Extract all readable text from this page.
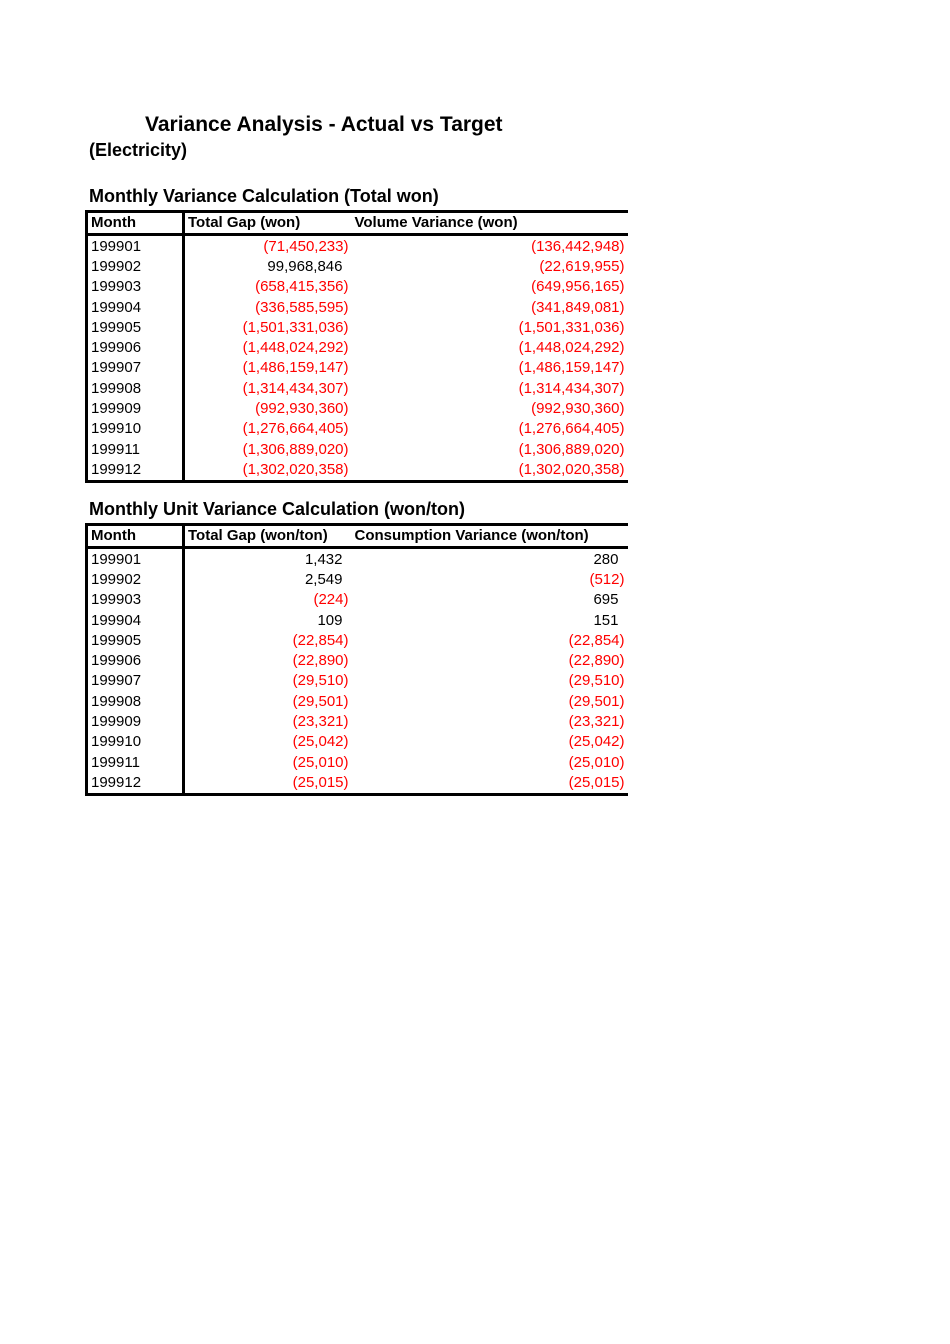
Variance Analysis - Actual vs Target
(Electricity)
Monthly Variance Calculation (Total won)
Month	Total Gap (won)	Volume Variance (won)
199901	(71,450,233)	(136,442,948)
199902	99,968,846	(22,619,955)
199903	(658,415,356)	(649,956,165)
199904	(336,585,595)	(341,849,081)
199905	(1,501,331,036)	(1,501,331,036)
199906	(1,448,024,292)	(1,448,024,292)
199907	(1,486,159,147)	(1,486,159,147)
199908	(1,314,434,307)	(1,314,434,307)
199909	(992,930,360)	(992,930,360)
199910	(1,276,664,405)	(1,276,664,405)
199911	(1,306,889,020)	(1,306,889,020)
199912	(1,302,020,358)	(1,302,020,358)
Monthly Unit Variance Calculation (won/ton)
Month	Total Gap (won/ton)	Consumption Variance (won/ton)
199901	1,432	280
199902	2,549	(512)
199903	(224)	695
199904	109	151
199905	(22,854)	(22,854)
199906	(22,890)	(22,890)
199907	(29,510)	(29,510)
199908	(29,501)	(29,501)
199909	(23,321)	(23,321)
199910	(25,042)	(25,042)
199911	(25,010)	(25,010)
199912	(25,015)	(25,015)
